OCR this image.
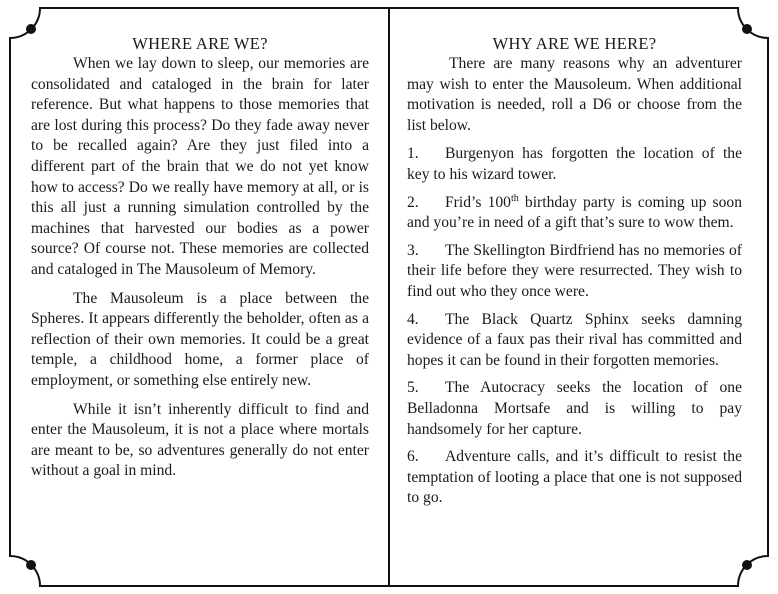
WHERE ARE WE?

When we lay down to sleep, our memories are consolidated and cataloged in the brain for later reference. But what happens to those memories that are lost during this process? Do they fade away never to be recalled again? Are they just filed into a different part of the brain that we do not yet know how to access? Do we really have memory at all, or is this all just a running simulation controlled by the machines that harvested our bodies as a power source? Of course not. These memories are collected and cataloged in The Mausoleum of Memory.

The Mausoleum is a place between the Spheres. It appears differently the beholder, often as a reflection of their own memories. It could be a great temple, a childhood home, a former place of employment, or something else entirely new.

While it isn’t inherently difficult to find and enter the Mausoleum, it is not a place where mortals are meant to be, so adventures generally do not enter without a goal in mind.

WHY ARE WE HERE?

There are many reasons why an adventurer may wish to enter the Mausoleum. When additional motivation is needed, roll a D6 or choose from the list below.

1. Burgenyon has forgotten the location of the key to his wizard tower.

2. Frid’s 100th birthday party is coming up soon and you’re in need of a gift that’s sure to wow them.

3. The Skellington Birdfriend has no memories of their life before they were resurrected. They wish to find out who they once were.

4. The Black Quartz Sphinx seeks damning evidence of a faux pas their rival has committed and hopes it can be found in their forgotten memories.

5. The Autocracy seeks the location of one Belladonna Mortsafe and is willing to pay handsomely for her capture.

6. Adventure calls, and it’s difficult to resist the temptation of looting a place that one is not supposed to go.
